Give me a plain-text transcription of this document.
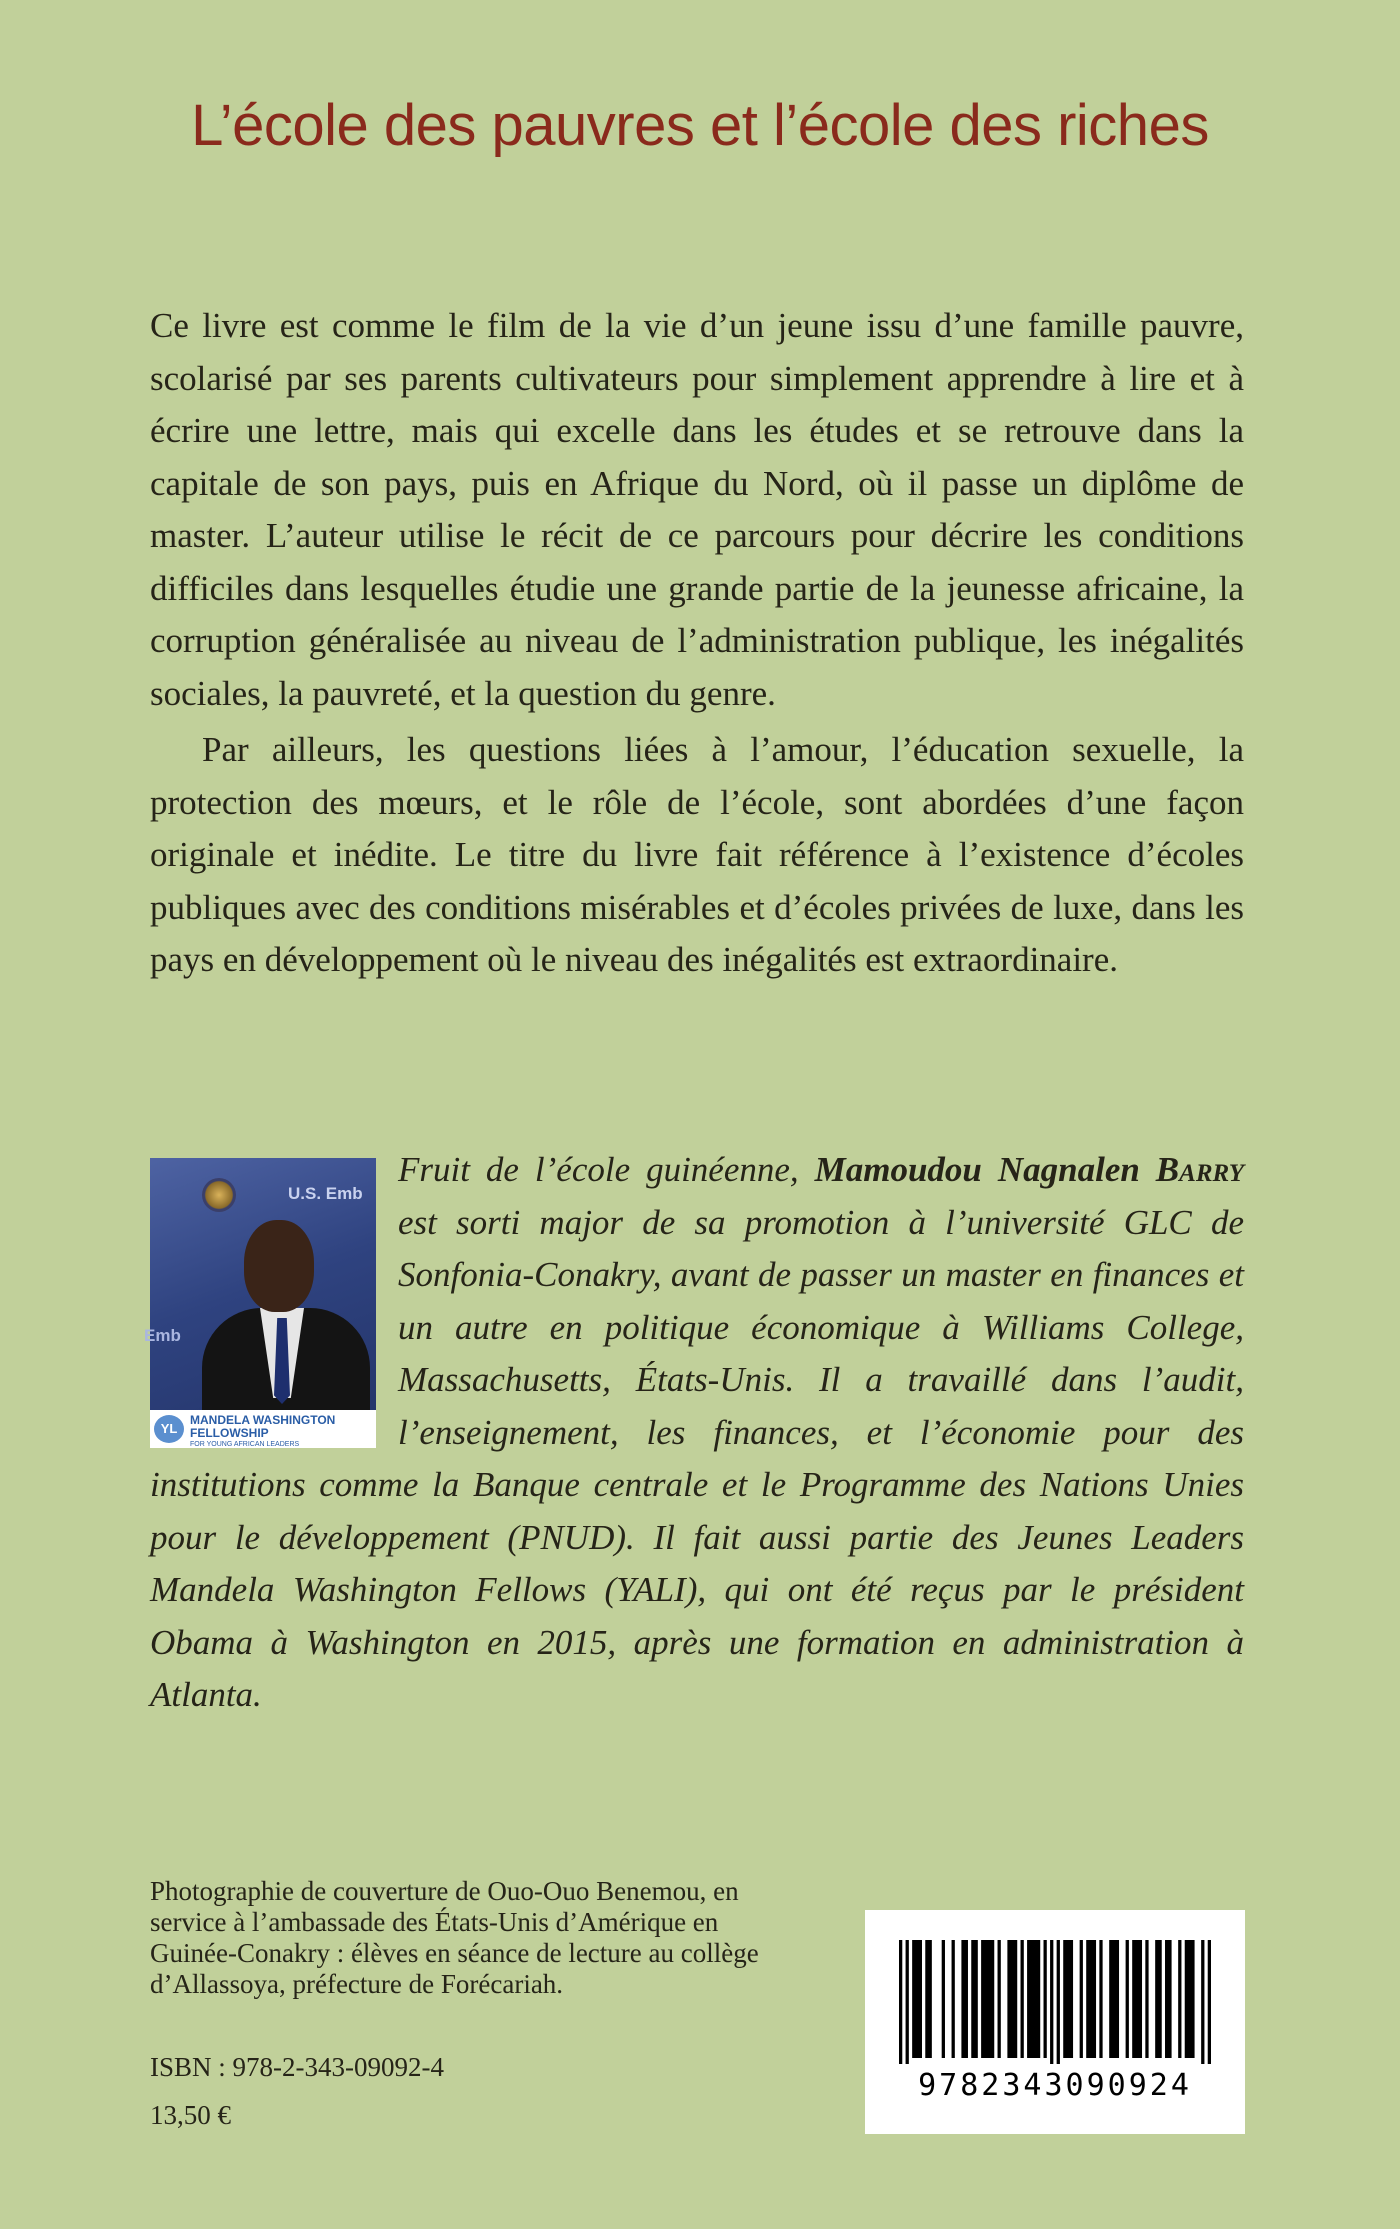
L’école des pauvres et l’école des riches

Ce livre est comme le film de la vie d’un jeune issu d’une famille pauvre, scolarisé par ses parents cultivateurs pour simplement apprendre à lire et à écrire une lettre, mais qui excelle dans les études et se retrouve dans la capitale de son pays, puis en Afrique du Nord, où il passe un diplôme de master. L’auteur utilise le récit de ce parcours pour décrire les conditions difficiles dans lesquelles étudie une grande partie de la jeunesse africaine, la corruption généralisée au niveau de l’administration publique, les inégalités sociales, la pauvreté, et la question du genre.

Par ailleurs, les questions liées à l’amour, l’éducation sexuelle, la protection des mœurs, et le rôle de l’école, sont abordées d’une façon originale et inédite. Le titre du livre fait référence à l’existence d’écoles publiques avec des conditions misérables et d’écoles privées de luxe, dans les pays en développement où le niveau des inégalités est extraordinaire.

U.S. Emb
Emb
YL
MANDELA WASHINGTON
FELLOWSHIP
FOR YOUNG AFRICAN LEADERS
Fruit de l’école guinéenne, Mamoudou Nagnalen Barry est sorti major de sa promotion à l’université GLC de Sonfonia-Conakry, avant de passer un master en finances et un autre en politique économique à Williams College, Massachusetts, États-Unis. Il a travaillé dans l’audit, l’enseignement, les finances, et l’économie pour des institutions comme la Banque centrale et le Programme des Nations Unies pour le développement (PNUD). Il fait aussi partie des Jeunes Leaders Mandela Washington Fellows (YALI), qui ont été reçus par le président Obama à Washington en 2015, après une formation en administration à Atlanta.
Photographie de couverture de Ouo-Ouo Benemou, en service à l’ambassade des États-Unis d’Amérique en Guinée-Conakry : élèves en séance de lecture au collège d’Allassoya, préfecture de Forécariah.
ISBN : 978-2-343-09092-4
13,50 €
9782343090924
